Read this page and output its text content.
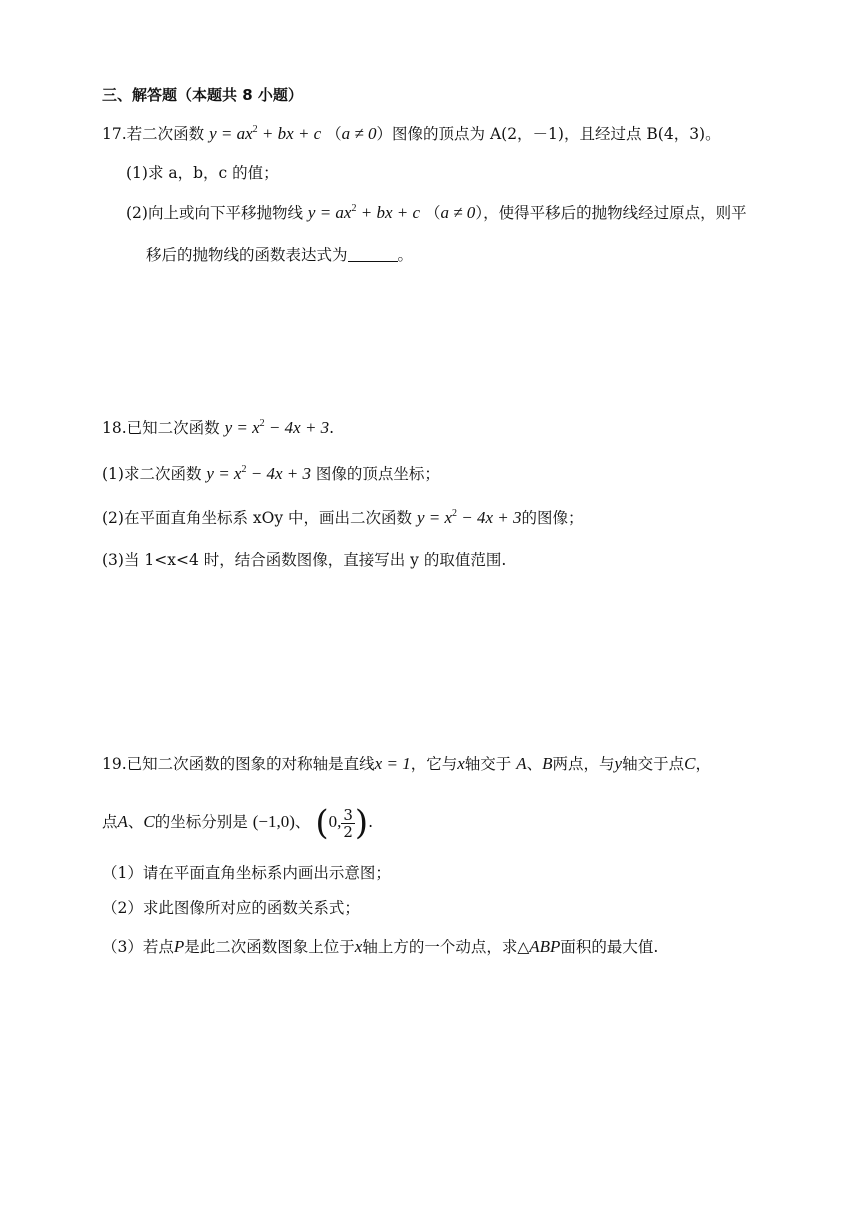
三、解答题（本题共 8 小题）
17.若二次函数 $y = ax^2$ + bx + c （a ≠ 0）图像的顶点为 A(2，－1)，且经过点 B(4，3)。
(1)求 a，b，c 的值；
(2)向上或向下平移抛物线 $y = ax^2$ + bx + c （a ≠ 0），使得平移后的抛物线经过原点，则平
移后的抛物线的函数表达式为	。
18.已知二次函数 $y = x^2 - 4x + 3$.
(1)求二次函数 $y = x^2 - 4x + 3$ 图像的顶点坐标；
(2)在平面直角坐标系 xOy 中，画出二次函数 $y = x^2 - 4x + 3$的图像；
(3)当 1<x<4 时，结合函数图像，直接写出 y 的取值范围.
19.已知二次函数的图象的对称轴是直线x = 1，它与x轴交于 A、B两点，与y轴交于点C，
点A、C的坐标分别是 (−1,0)、 (0, $\frac{3}{2}$ ).
（1）请在平面直角坐标系内画出示意图；
（2）求此图像所对应的函数关系式；
（3）若点P是此二次函数图象上位于x轴上方的一个动点，求△ABP面积的最大值.
